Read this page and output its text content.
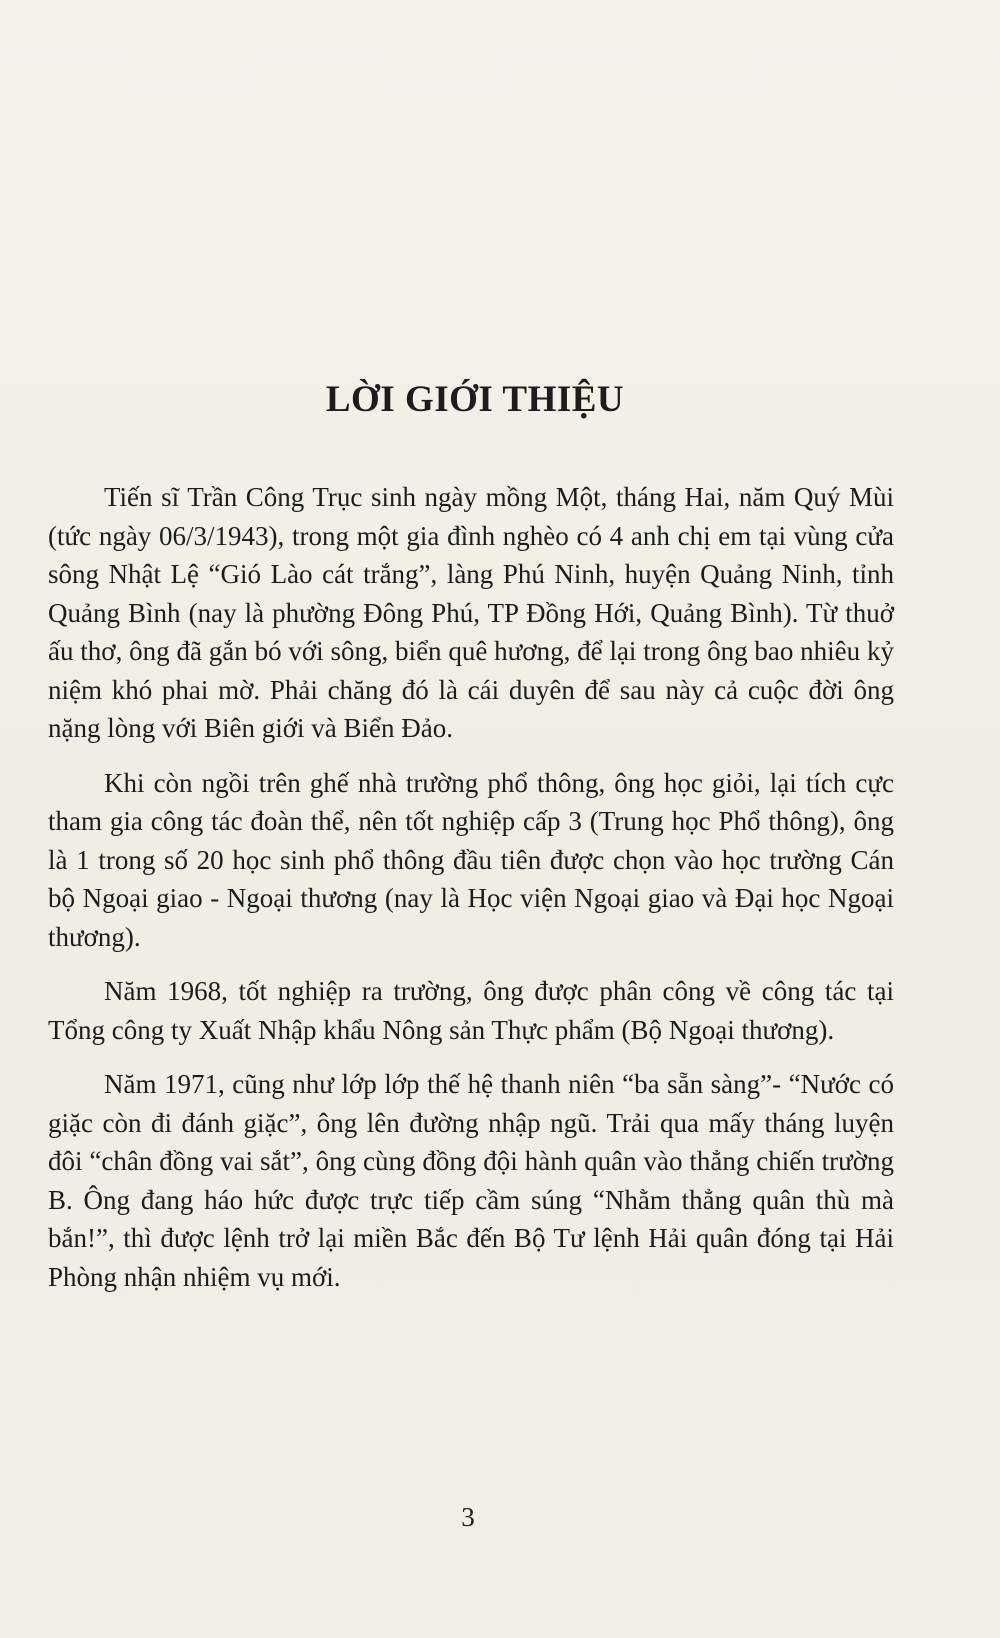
LỜI GIỚI THIỆU

Tiến sĩ Trần Công Trục sinh ngày mồng Một, tháng Hai, năm Quý Mùi (tức ngày 06/3/1943), trong một gia đình nghèo có 4 anh chị em tại vùng cửa sông Nhật Lệ “Gió Lào cát trắng”, làng Phú Ninh, huyện Quảng Ninh, tỉnh Quảng Bình (nay là phường Đông Phú, TP Đồng Hới, Quảng Bình). Từ thuở ấu thơ, ông đã gắn bó với sông, biển quê hương, để lại trong ông bao nhiêu kỷ niệm khó phai mờ. Phải chăng đó là cái duyên để sau này cả cuộc đời ông nặng lòng với Biên giới và Biển Đảo.

Khi còn ngồi trên ghế nhà trường phổ thông, ông học giỏi, lại tích cực tham gia công tác đoàn thể, nên tốt nghiệp cấp 3 (Trung học Phổ thông), ông là 1 trong số 20 học sinh phổ thông đầu tiên được chọn vào học trường Cán bộ Ngoại giao - Ngoại thương (nay là Học viện Ngoại giao và Đại học Ngoại thương).

Năm 1968, tốt nghiệp ra trường, ông được phân công về công tác tại Tổng công ty Xuất Nhập khẩu Nông sản Thực phẩm (Bộ Ngoại thương).

Năm 1971, cũng như lớp lớp thế hệ thanh niên “ba sẵn sàng”- “Nước có giặc còn đi đánh giặc”, ông lên đường nhập ngũ. Trải qua mấy tháng luyện đôi “chân đồng vai sắt”, ông cùng đồng đội hành quân vào thẳng chiến trường B. Ông đang háo hức được trực tiếp cầm súng “Nhằm thẳng quân thù mà bắn!”, thì được lệnh trở lại miền Bắc đến Bộ Tư lệnh Hải quân đóng tại Hải Phòng nhận nhiệm vụ mới.

3
